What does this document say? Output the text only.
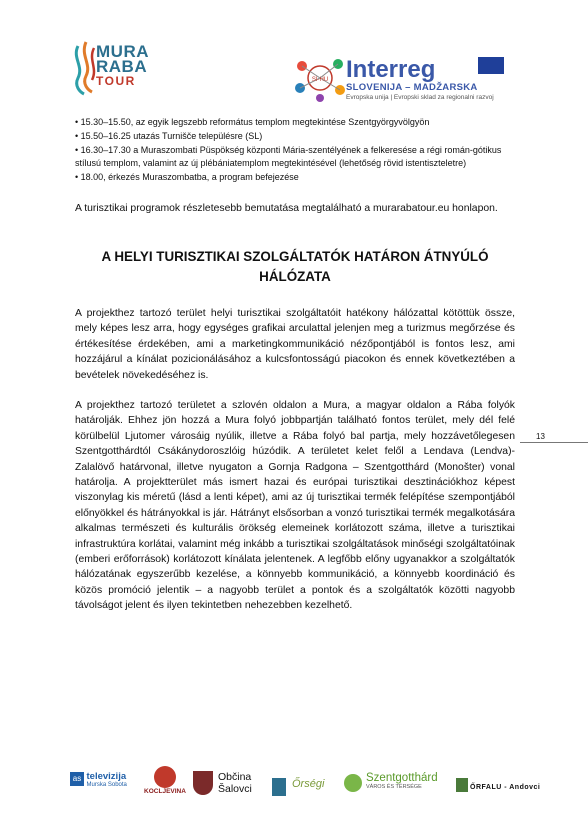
MURA
RABA
TOUR	SI-HU Interreg
SLOVENIJA – MADŽARSKA
Evropska unija | Evropski sklad za regionalni razvoj
• 15.30–15.50, az egyik legszebb református templom megtekintése Szentgyörgyvölgyön
• 15.50–16.25 utazás Turnišče településre (SL)
• 16.30–17.30 a Muraszombati Püspökség központi Mária-szentélyének a felkeresése a régi román-gótikus stílusú templom, valamint az új plébániatemplom megtekintésével (lehetőség rövid istentiszteletre)
• 18.00, érkezés Muraszombatba, a program befejezése
A turisztikai programok részletesebb bemutatása megtalálható a murarabatour.eu honlapon.
A HELYI TURISZTIKAI SZOLGÁLTATÓK HATÁRON ÁTNYÚLÓ HÁLÓZATA
A projekthez tartozó terület helyi turisztikai szolgáltatóit hatékony hálózattal kötöttük össze, mely képes lesz arra, hogy egységes grafikai arculattal jelenjen meg a turizmus megőrzése és értékesítése érdekében, ami a marketingkommunikáció nézőpontjából is fontos lesz, ami hozzájárul a kínálat pozicionálásához a kulcsfontosságú piacokon és ennek következtében a bevételek növekedéséhez is.
A projekthez tartozó területet a szlovén oldalon a Mura, a magyar oldalon a Rába folyók határolják. Ehhez jön hozzá a Mura folyó jobbpartján található fontos terület, mely dél felé körülbelül Ljutomer városáig nyúlik, illetve a Rába folyó bal partja, mely hozzávetőlegesen Szentgotthárdtól Csákánydoroszlóig húzódik. A területet kelet felől a Lendava (Lendva)-Zalalövő határvonal, illetve nyugaton a Gornja Radgona – Szentgotthárd (Monošter) vonal határolja. A projektterület más ismert hazai és európai turisztikai desztinációkhoz képest viszonylag kis méretű (lásd a lenti képet), ami az új turisztikai termék felépítése szempontjából előnyökkel és hátrányokkal is jár. Hátrányt elsősorban a vonzó turisztikai termék megalkotására alkalmas természeti és kulturális örökség elemeinek korlátozott száma, illetve a turisztikai infrastruktúra korlátai, valamint még inkább a turisztikai szolgáltatások minőségi szolgáltatóinak (emberi erőforrások) korlátozott kínálata jelentenek. A legfőbb előny ugyanakkor a szolgáltatók hálózatának egyszerűbb kezelése, a könnyebb kommunikáció, a könnyebb koordináció és közös promóció jelentik – a nagyobb terület a pontok és a szolgáltatók közötti nagyobb távolságot jelent és ilyen tekintetben nehezebben kezelhető.
13
as televizija
Murska Sobota
KOCLJEVINA
Občina
Šalovci	Őrségi	Szentgotthárd
VÁROS ÉS TÉRSÉGE	ŐRFALU - Andovci
